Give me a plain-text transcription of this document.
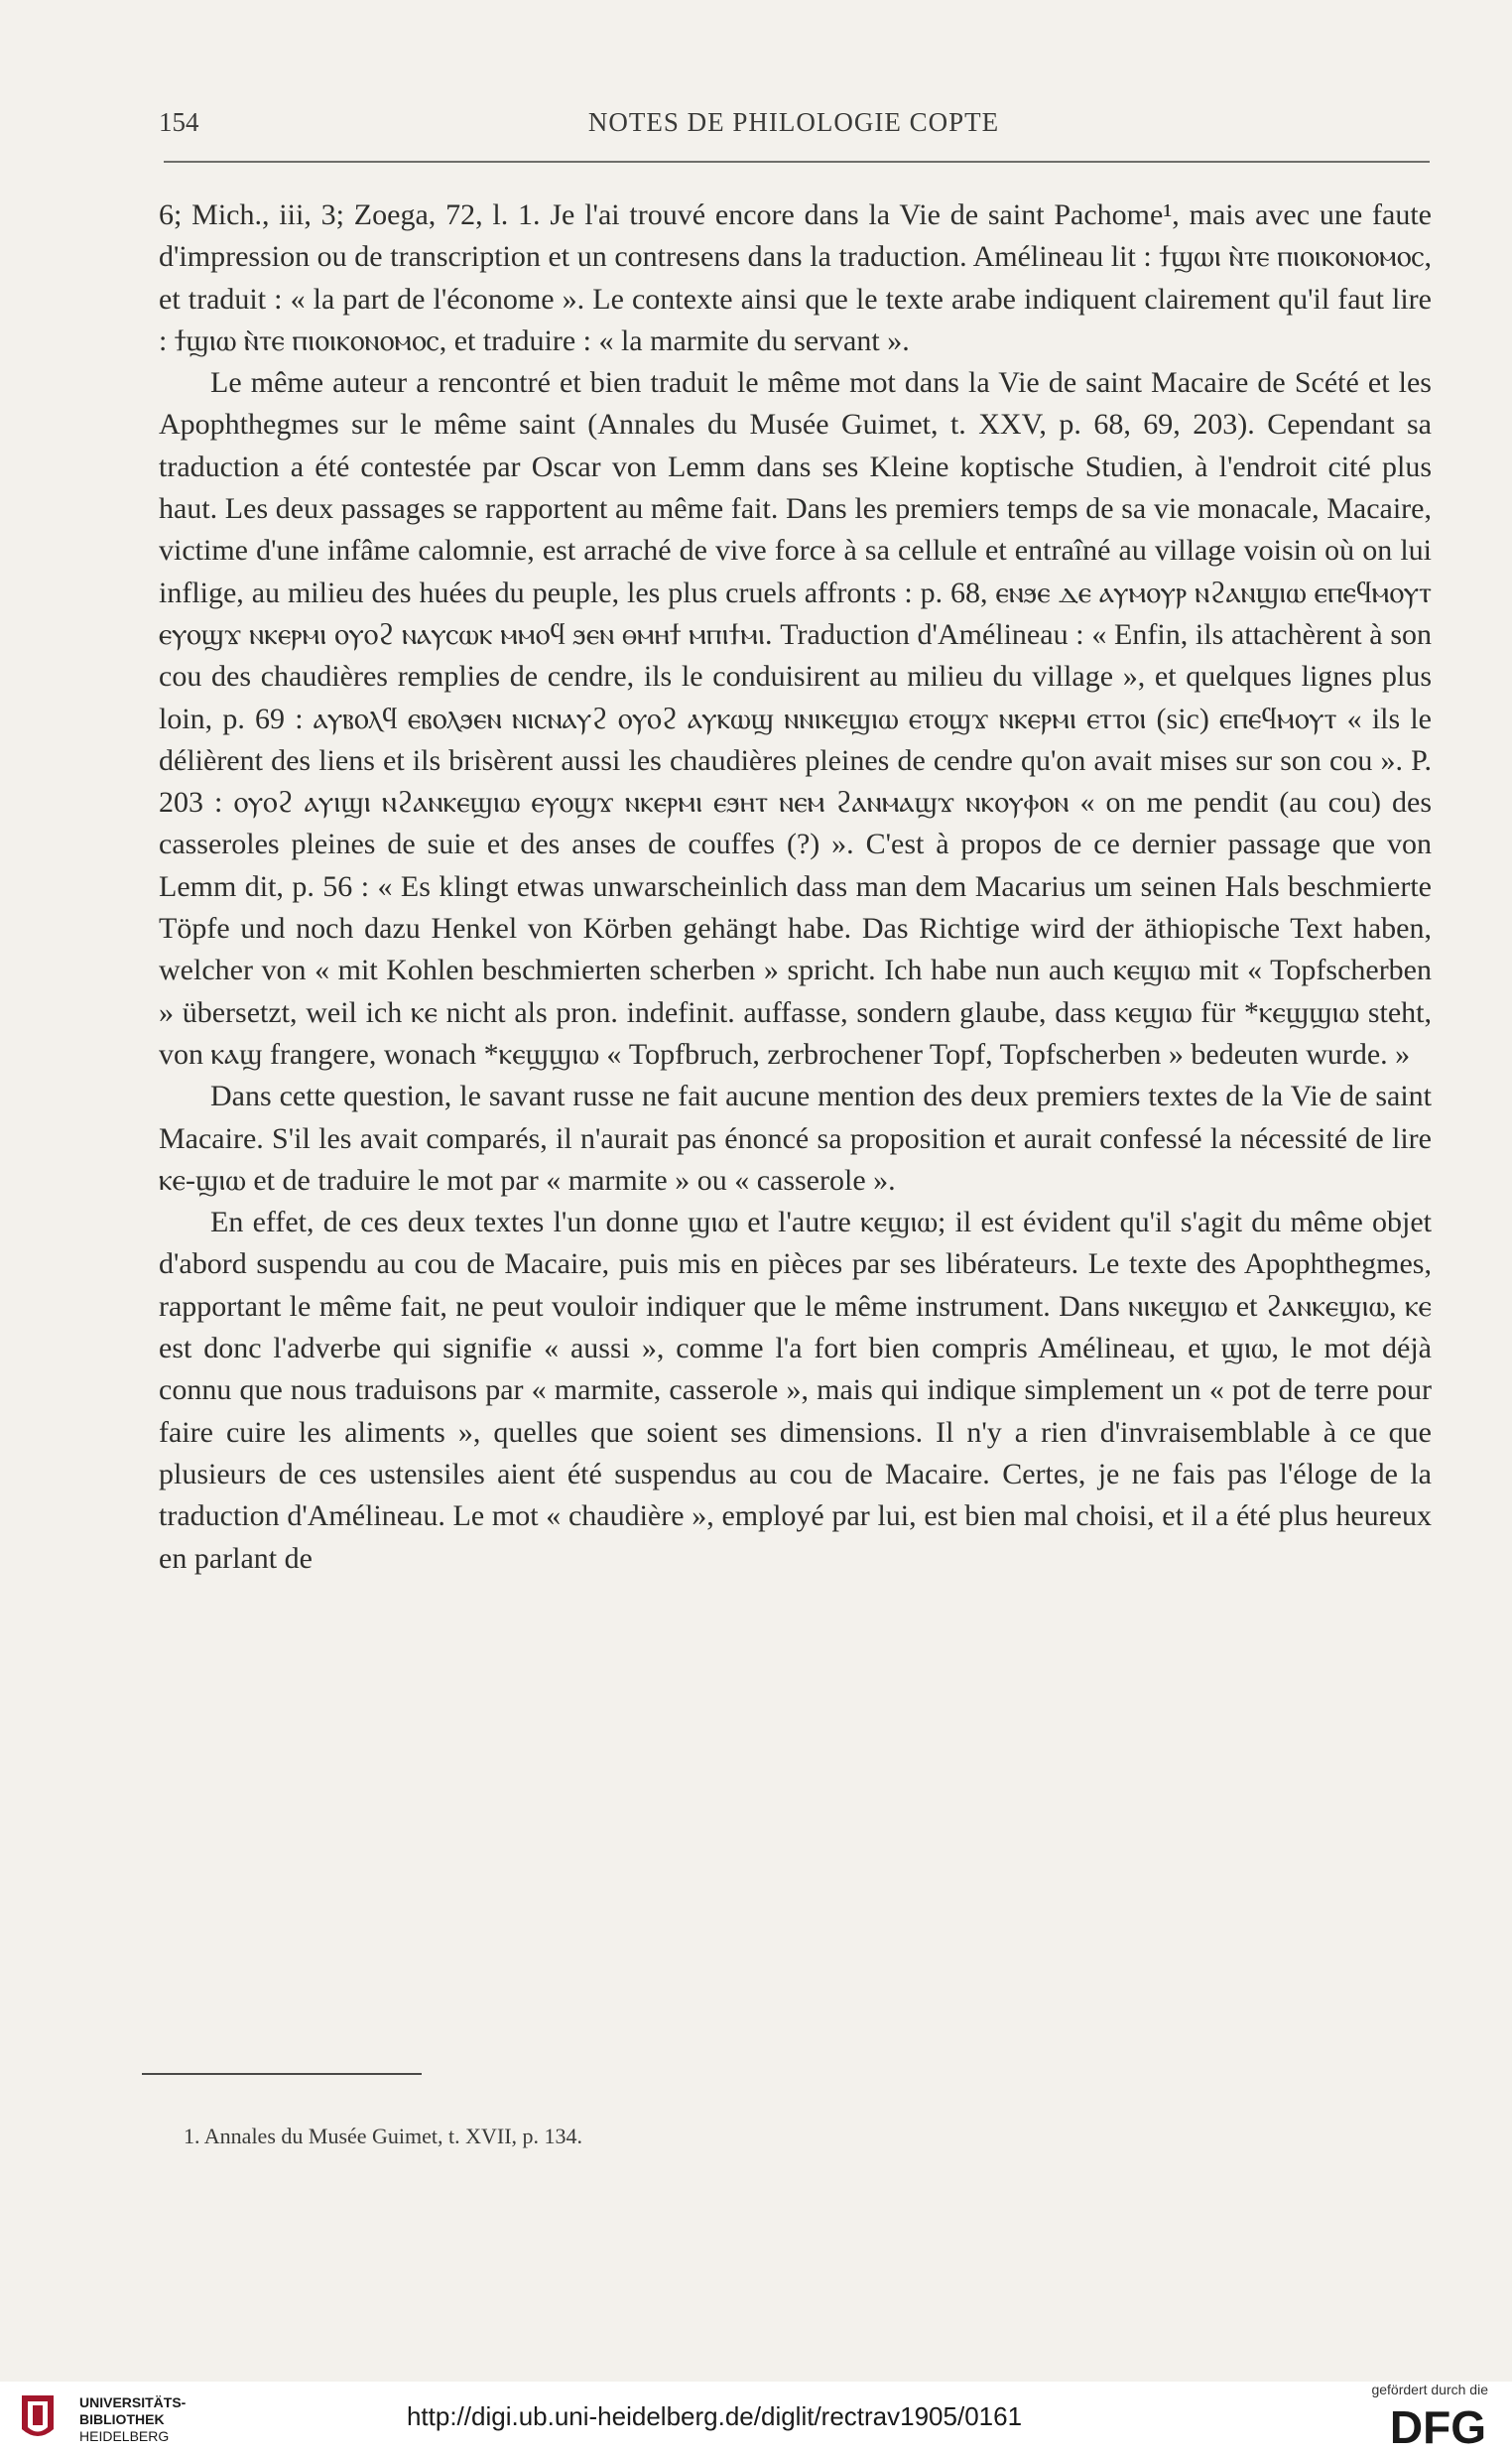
154	NOTES DE PHILOLOGIE COPTE

6; Mich., iii, 3; Zoega, 72, l. 1. Je l'ai trouvé encore dans la Vie de saint Pachome¹, mais avec une faute d'impression ou de transcription et un contresens dans la traduction. Amélineau lit : ϯϣⲱⲓ ⲛ̀ⲧⲉ ⲡⲓⲟⲓⲕⲟⲛⲟⲙⲟⲥ, et traduit : « la part de l'économe ». Le contexte ainsi que le texte arabe indiquent clairement qu'il faut lire : ϯϣⲓⲱ ⲛ̀ⲧⲉ ⲡⲓⲟⲓⲕⲟⲛⲟⲙⲟⲥ, et traduire : « la marmite du servant ».

Le même auteur a rencontré et bien traduit le même mot dans la Vie de saint Macaire de Scété et les Apophthegmes sur le même saint (Annales du Musée Guimet, t. XXV, p. 68, 69, 203). Cependant sa traduction a été contestée par Oscar von Lemm dans ses Kleine koptische Studien, à l'endroit cité plus haut. Les deux passages se rapportent au même fait. Dans les premiers temps de sa vie monacale, Macaire, victime d'une infâme calomnie, est arraché de vive force à sa cellule et entraîné au village voisin où on lui inflige, au milieu des huées du peuple, les plus cruels affronts : p. 68, ⲉⲛϧⲉ ⲇⲉ ⲁⲩⲙⲟⲩⲣ ⲛϩⲁⲛϣⲓⲱ ⲉⲡⲉϥⲙⲟⲩⲧ ⲉⲩⲟϣϫ ⲛⲕⲉⲣⲙⲓ ⲟⲩⲟϩ ⲛⲁⲩⲥⲱⲕ ⲙⲙⲟϥ ϧⲉⲛ ⲑⲙⲏϯ ⲙⲡⲓϯⲙⲓ. Traduction d'Amélineau : « Enfin, ils attachèrent à son cou des chaudières remplies de cendre, ils le conduisirent au milieu du village », et quelques lignes plus loin, p. 69 : ⲁⲩⲃⲟⲗϥ ⲉⲃⲟⲗϧⲉⲛ ⲛⲓⲥⲛⲁⲩϩ ⲟⲩⲟϩ ⲁⲩⲕⲱϣ ⲛⲛⲓⲕⲉϣⲓⲱ ⲉⲧⲟϣϫ ⲛⲕⲉⲣⲙⲓ ⲉⲧⲧⲟⲓ (sic) ⲉⲡⲉϥⲙⲟⲩⲧ « ils le délièrent des liens et ils brisèrent aussi les chaudières pleines de cendre qu'on avait mises sur son cou ». P. 203 : ⲟⲩⲟϩ ⲁⲩⲓϣⲓ ⲛϩⲁⲛⲕⲉϣⲓⲱ ⲉⲩⲟϣϫ ⲛⲕⲉⲣⲙⲓ ⲉϧⲏⲧ ⲛⲉⲙ ϩⲁⲛⲙⲁϣϫ ⲛⲕⲟⲩⲫⲟⲛ « on me pendit (au cou) des casseroles pleines de suie et des anses de couffes (?) ». C'est à propos de ce dernier passage que von Lemm dit, p. 56 : « Es klingt etwas unwarscheinlich dass man dem Macarius um seinen Hals beschmierte Töpfe und noch dazu Henkel von Körben gehängt habe. Das Richtige wird der äthiopische Text haben, welcher von « mit Kohlen beschmierten scherben » spricht. Ich habe nun auch ⲕⲉϣⲓⲱ mit « Topfscherben » übersetzt, weil ich ⲕⲉ nicht als pron. indefinit. auffasse, sondern glaube, dass ⲕⲉϣⲓⲱ für *ⲕⲉϣϣⲓⲱ steht, von ⲕⲁϣ frangere, wonach *ⲕⲉϣϣⲓⲱ « Topfbruch, zerbrochener Topf, Topfscherben » bedeuten wurde. »

Dans cette question, le savant russe ne fait aucune mention des deux premiers textes de la Vie de saint Macaire. S'il les avait comparés, il n'aurait pas énoncé sa proposition et aurait confessé la nécessité de lire ⲕⲉ-ϣⲓⲱ et de traduire le mot par « marmite » ou « casserole ».

En effet, de ces deux textes l'un donne ϣⲓⲱ et l'autre ⲕⲉϣⲓⲱ; il est évident qu'il s'agit du même objet d'abord suspendu au cou de Macaire, puis mis en pièces par ses libérateurs. Le texte des Apophthegmes, rapportant le même fait, ne peut vouloir indiquer que le même instrument. Dans ⲛⲓⲕⲉϣⲓⲱ et ϩⲁⲛⲕⲉϣⲓⲱ, ⲕⲉ est donc l'adverbe qui signifie « aussi », comme l'a fort bien compris Amélineau, et ϣⲓⲱ, le mot déjà connu que nous traduisons par « marmite, casserole », mais qui indique simplement un « pot de terre pour faire cuire les aliments », quelles que soient ses dimensions. Il n'y a rien d'invraisemblable à ce que plusieurs de ces ustensiles aient été suspendus au cou de Macaire. Certes, je ne fais pas l'éloge de la traduction d'Amélineau. Le mot « chaudière », employé par lui, est bien mal choisi, et il a été plus heureux en parlant de

1. Annales du Musée Guimet, t. XVII, p. 134.
UNIVERSITÄTS-
BIBLIOTHEK
HEIDELBERG
http://digi.ub.uni-heidelberg.de/diglit/rectrav1905/0161
gefördert durch die
DFG
